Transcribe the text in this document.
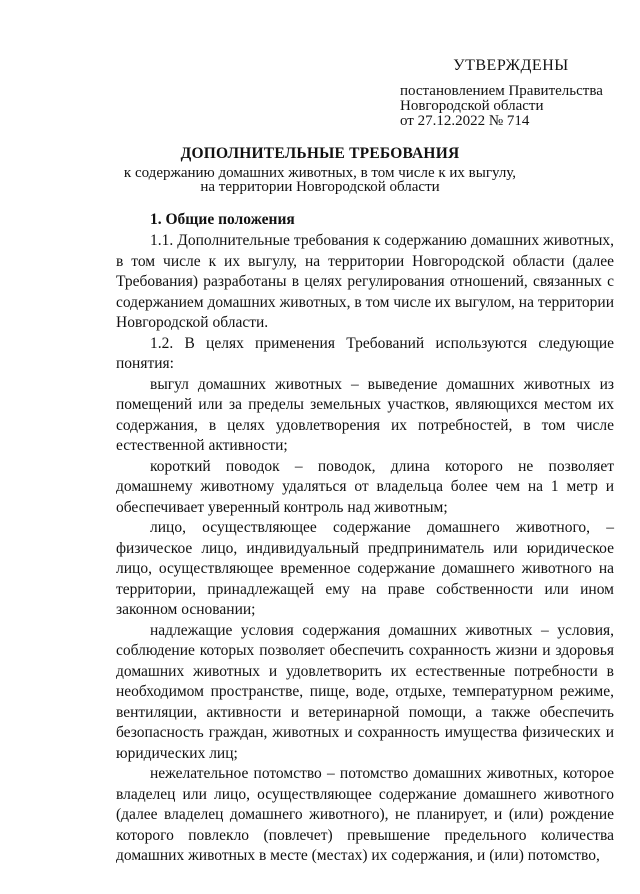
УТВЕРЖДЕНЫ
постановлением Правительства
Новгородской области
от 27.12.2022 № 714
ДОПОЛНИТЕЛЬНЫЕ ТРЕБОВАНИЯ
к содержанию домашних животных, в том числе к их выгулу,
на территории Новгородской области
1. Общие положения

1.1. Дополнительные требования к содержанию домашних животных, в том числе к их выгулу, на территории Новгородской области (далее Требования) разработаны в целях регулирования отношений, связанных с содержанием домашних животных, в том числе их выгулом, на территории Новгородской области.

1.2. В целях применения Требований используются следующие понятия:

выгул домашних животных – выведение домашних животных из помещений или за пределы земельных участков, являющихся местом их содержания, в целях удовлетворения их потребностей, в том числе естественной активности;

короткий поводок – поводок, длина которого не позволяет домашнему животному удаляться от владельца более чем на 1 метр и обеспечивает уверенный контроль над животным;

лицо, осуществляющее содержание домашнего животного, – физическое лицо, индивидуальный предприниматель или юридическое лицо, осуществляющее временное содержание домашнего животного на территории, принадлежащей ему на праве собственности или ином законном основании;

надлежащие условия содержания домашних животных – условия, соблюдение которых позволяет обеспечить сохранность жизни и здоровья домашних животных и удовлетворить их естественные потребности в необходимом пространстве, пище, воде, отдыхе, температурном режиме, вентиляции, активности и ветеринарной помощи, а также обеспечить безопасность граждан, животных и сохранность имущества физических и юридических лиц;

нежелательное потомство – потомство домашних животных, которое владелец или лицо, осуществляющее содержание домашнего животного (далее владелец домашнего животного), не планирует, и (или) рождение которого повлекло (повлечет) превышение предельного количества домашних животных в месте (местах) их содержания, и (или) потомство,
